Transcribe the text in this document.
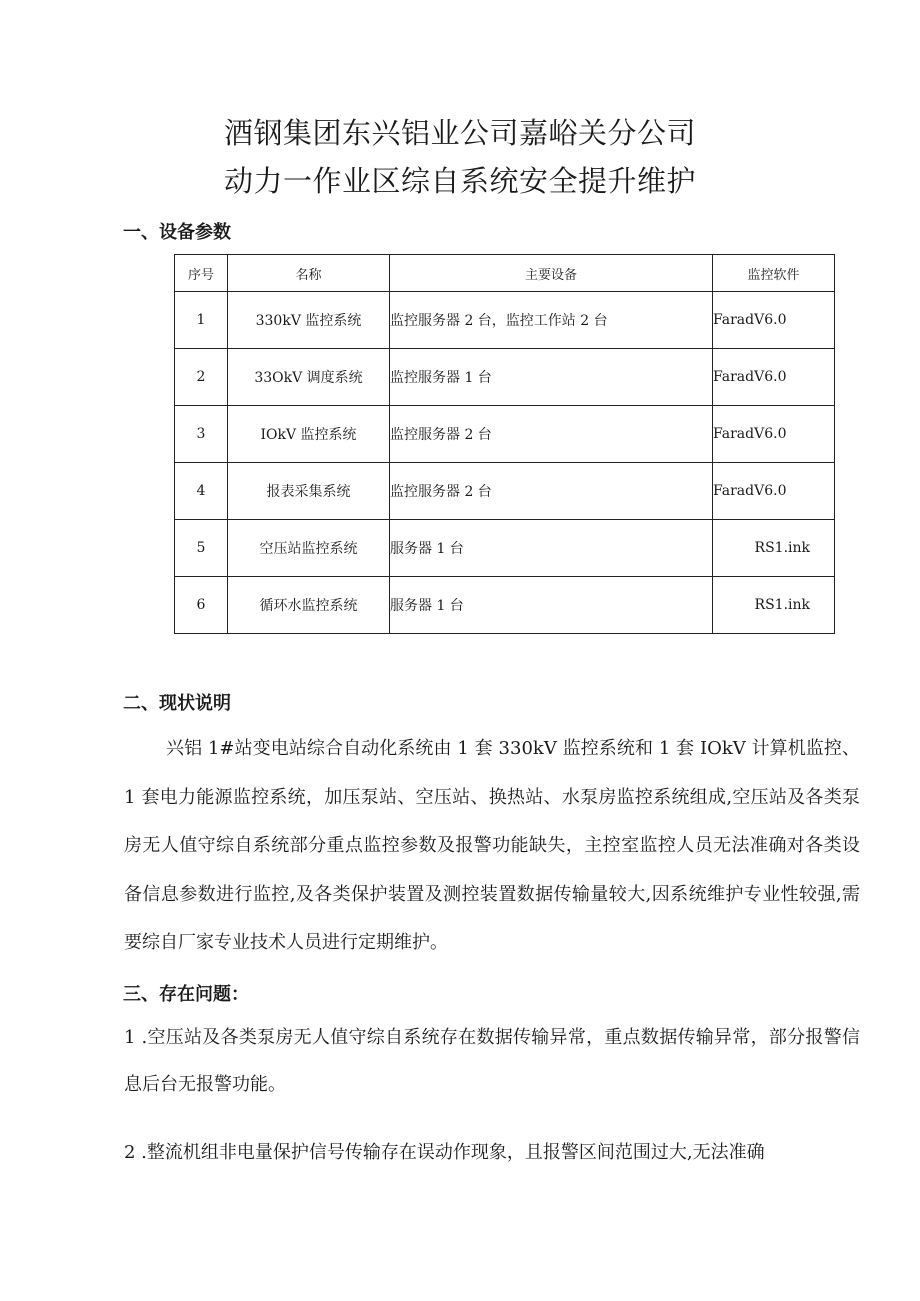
酒钢集团东兴铝业公司嘉峪关分公司
动力一作业区综自系统安全提升维护
一、设备参数
序号	名称	主要设备	监控软件
1	330kV 监控系统	监控服务器 2 台，监控工作站 2 台	FaradV6.0
2	33OkV 调度系统	监控服务器 1 台	FaradV6.0
3	IOkV 监控系统	监控服务器 2 台	FaradV6.0
4	报表采集系统	监控服务器 2 台	FaradV6.0
5	空压站监控系统	服务器 1 台	RS1.ink
6	循环水监控系统	服务器 1 台	RS1.ink
二、现状说明
兴铝 1#站变电站综合自动化系统由 1 套 330kV 监控系统和 1 套 IOkV 计算机监控、1 套电力能源监控系统，加压泵站、空压站、换热站、水泵房监控系统组成,空压站及各类泵房无人值守综自系统部分重点监控参数及报警功能缺失，主控室监控人员无法准确对各类设备信息参数进行监控,及各类保护装置及测控装置数据传输量较大,因系统维护专业性较强,需要综自厂家专业技术人员进行定期维护。
三、存在问题：
1 .空压站及各类泵房无人值守综自系统存在数据传输异常，重点数据传输异常，部分报警信息后台无报警功能。
2 .整流机组非电量保护信号传输存在误动作现象，且报警区间范围过大,无法准确
